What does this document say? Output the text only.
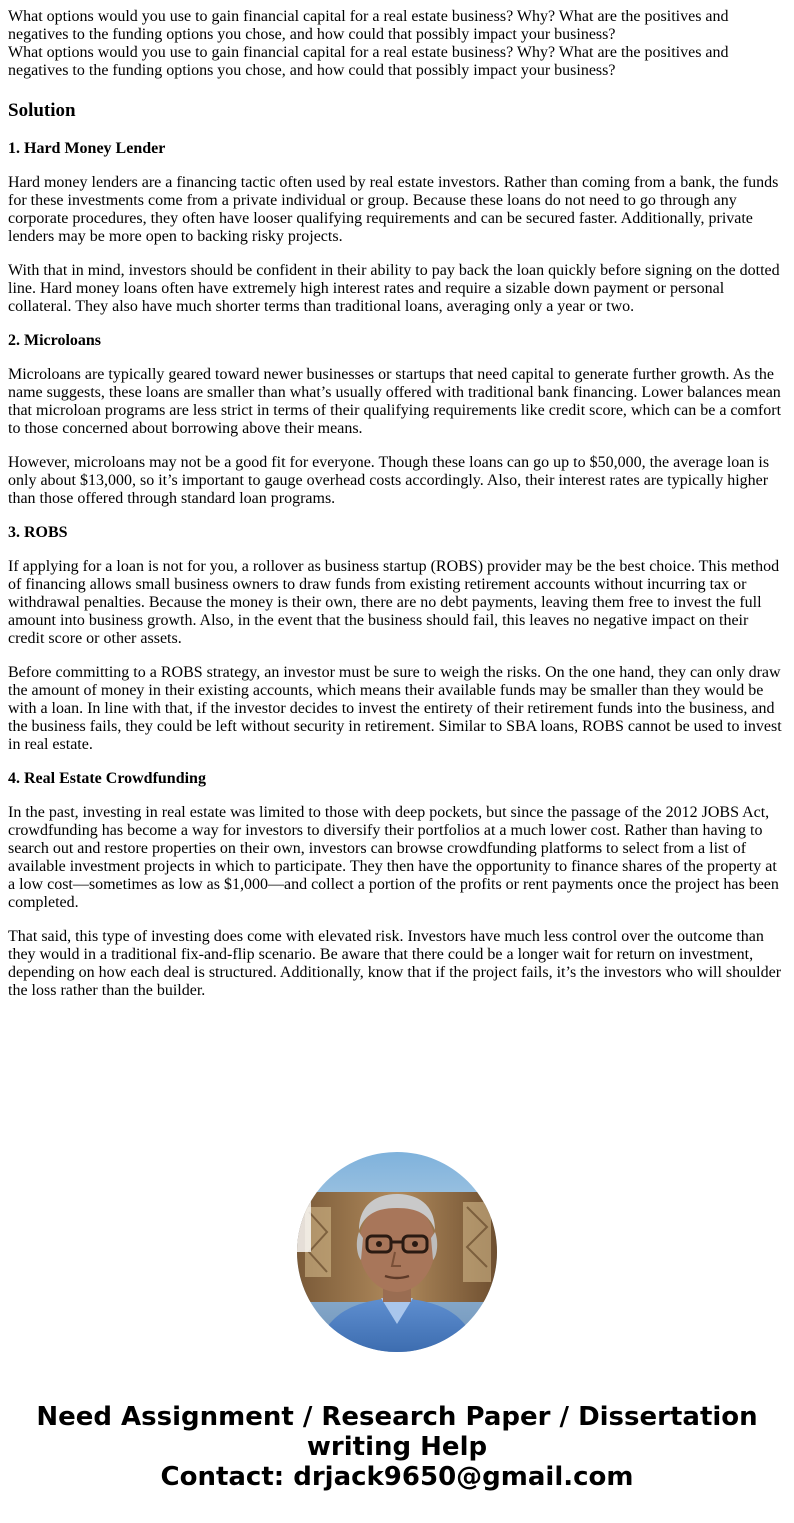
What options would you use to gain financial capital for a real estate business? Why? What are the positives and negatives to the funding options you chose, and how could that possibly impact your business?

What options would you use to gain financial capital for a real estate business? Why? What are the positives and negatives to the funding options you chose, and how could that possibly impact your business?

Solution
1. Hard Money Lender

Hard money lenders are a financing tactic often used by real estate investors. Rather than coming from a bank, the funds for these investments come from a private individual or group. Because these loans do not need to go through any corporate procedures, they often have looser qualifying requirements and can be secured faster. Additionally, private lenders may be more open to backing risky projects.

With that in mind, investors should be confident in their ability to pay back the loan quickly before signing on the dotted line. Hard money loans often have extremely high interest rates and require a sizable down payment or personal collateral. They also have much shorter terms than traditional loans, averaging only a year or two.

2. Microloans

Microloans are typically geared toward newer businesses or startups that need capital to generate further growth. As the name suggests, these loans are smaller than what’s usually offered with traditional bank financing. Lower balances mean that microloan programs are less strict in terms of their qualifying requirements like credit score, which can be a comfort to those concerned about borrowing above their means.

However, microloans may not be a good fit for everyone. Though these loans can go up to $50,000, the average loan is only about $13,000, so it’s important to gauge overhead costs accordingly. Also, their interest rates are typically higher than those offered through standard loan programs.

3. ROBS

If applying for a loan is not for you, a rollover as business startup (ROBS) provider may be the best choice. This method of financing allows small business owners to draw funds from existing retirement accounts without incurring tax or withdrawal penalties. Because the money is their own, there are no debt payments, leaving them free to invest the full amount into business growth. Also, in the event that the business should fail, this leaves no negative impact on their credit score or other assets.

Before committing to a ROBS strategy, an investor must be sure to weigh the risks. On the one hand, they can only draw the amount of money in their existing accounts, which means their available funds may be smaller than they would be with a loan. In line with that, if the investor decides to invest the entirety of their retirement funds into the business, and the business fails, they could be left without security in retirement. Similar to SBA loans, ROBS cannot be used to invest in real estate.

4. Real Estate Crowdfunding

In the past, investing in real estate was limited to those with deep pockets, but since the passage of the 2012 JOBS Act, crowdfunding has become a way for investors to diversify their portfolios at a much lower cost. Rather than having to search out and restore properties on their own, investors can browse crowdfunding platforms to select from a list of available investment projects in which to participate. They then have the opportunity to finance shares of the property at a low cost—sometimes as low as $1,000—and collect a portion of the profits or rent payments once the project has been completed.

That said, this type of investing does come with elevated risk. Investors have much less control over the outcome than they would in a traditional fix-and-flip scenario. Be aware that there could be a longer wait for return on investment, depending on how each deal is structured. Additionally, know that if the project fails, it’s the investors who will shoulder the loss rather than the builder.

Need Assignment / Research Paper / Dissertation
writing Help
Contact: drjack9650@gmail.com
